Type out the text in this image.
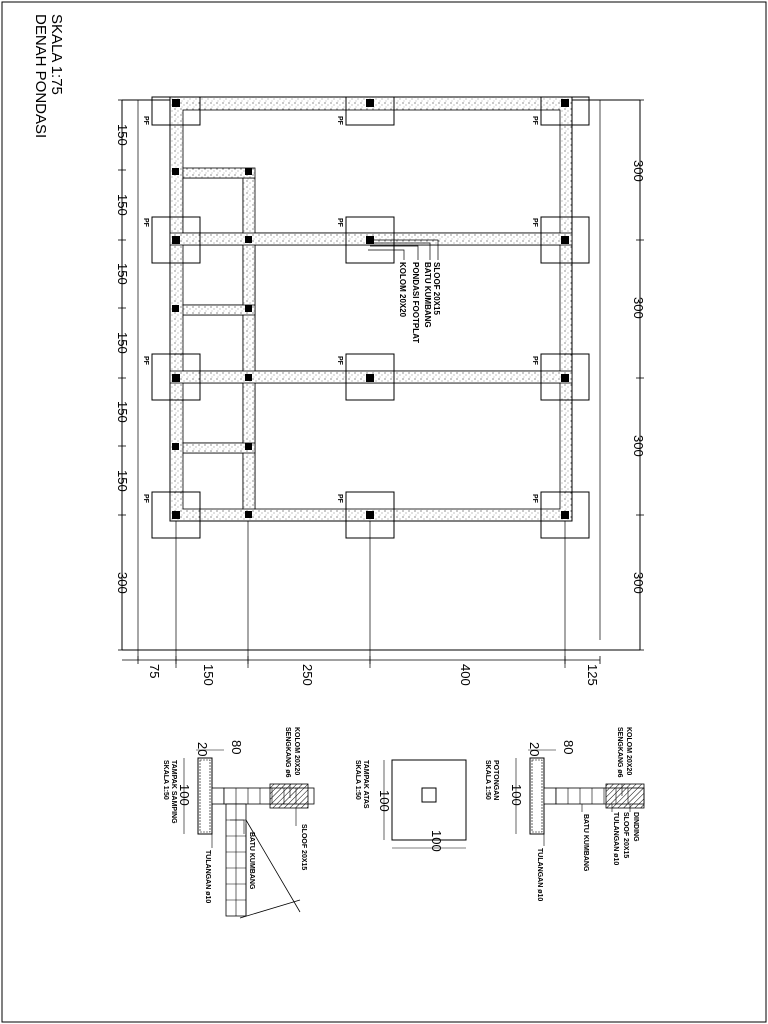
DENAH PONDASI SKALA 1:75
PF	PF	PF
PF	PF	PF
PF	PF	PF
PF	PF	PF
150
150
150
150
150
150
300
300
300
300
300
75	150	250	400	125
SLOOF 20X15
BATU KUMBANG
PONDASI FOOTPLAT
KOLOM 20X20
20 80
100
TAMPAK SAMPING
SKALA 1:50
KOLOM 20X20
SENGKANG ø6
SLOOF 20X15
BATU KUMBANG
TULANGAN ø10
100
100
TAMPAK ATAS
SKALA 1:50
20 80
100
POTONGAN
SKALA 1:50
KOLOM 20X20
SENGKANG ø6
DINDING
SLOOF 20X15
TULANGAN ø10
BATU KUMBANG
TULANGAN ø10
